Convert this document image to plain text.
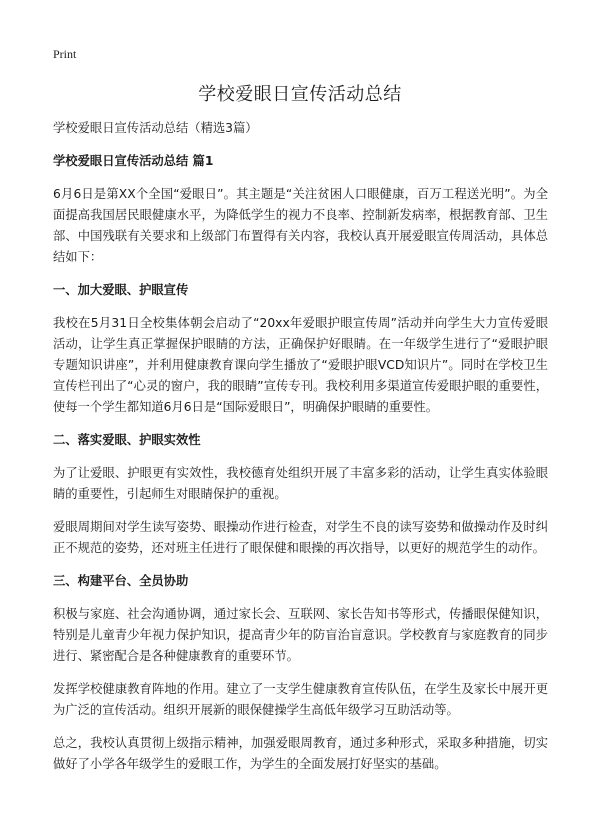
Print
学校爱眼日宣传活动总结

学校爱眼日宣传活动总结（精选3篇）

学校爱眼日宣传活动总结 篇1

6月6日是第XX个全国“爱眼日”。其主题是“关注贫困人口眼健康，百万工程送光明”。为全面提高我国居民眼健康水平，为降低学生的视力不良率、控制新发病率，根据教育部、卫生部、中国残联有关要求和上级部门布置得有关内容，我校认真开展爱眼宣传周活动，具体总结如下：

一、加大爱眼、护眼宣传

我校在5月31日全校集体朝会启动了“20xx年爱眼护眼宣传周”活动并向学生大力宣传爱眼活动，让学生真正掌握保护眼睛的方法，正确保护好眼睛。在一年级学生进行了“爱眼护眼专题知识讲座”，并利用健康教育课向学生播放了“爱眼护眼VCD知识片”。同时在学校卫生宣传栏刊出了“心灵的窗户，我的眼睛”宣传专刊。我校利用多渠道宣传爱眼护眼的重要性，使每一个学生都知道6月6日是“国际爱眼日”，明确保护眼睛的重要性。

二、落实爱眼、护眼实效性

为了让爱眼、护眼更有实效性，我校德育处组织开展了丰富多彩的活动，让学生真实体验眼睛的重要性，引起师生对眼睛保护的重视。

爱眼周期间对学生读写姿势、眼操动作进行检查，对学生不良的读写姿势和做操动作及时纠正不规范的姿势，还对班主任进行了眼保健和眼操的再次指导，以更好的规范学生的动作。

三、构建平台、全员协助

积极与家庭、社会沟通协调，通过家长会、互联网、家长告知书等形式，传播眼保健知识，特别是儿童青少年视力保护知识，提高青少年的防盲治盲意识。学校教育与家庭教育的同步进行、紧密配合是各种健康教育的重要环节。

发挥学校健康教育阵地的作用。建立了一支学生健康教育宣传队伍，在学生及家长中展开更为广泛的宣传活动。组织开展新的眼保健操学生高低年级学习互助活动等。

总之，我校认真贯彻上级指示精神，加强爱眼周教育，通过多种形式，采取多种措施，切实做好了小学各年级学生的爱眼工作，为学生的全面发展打好坚实的基础。
